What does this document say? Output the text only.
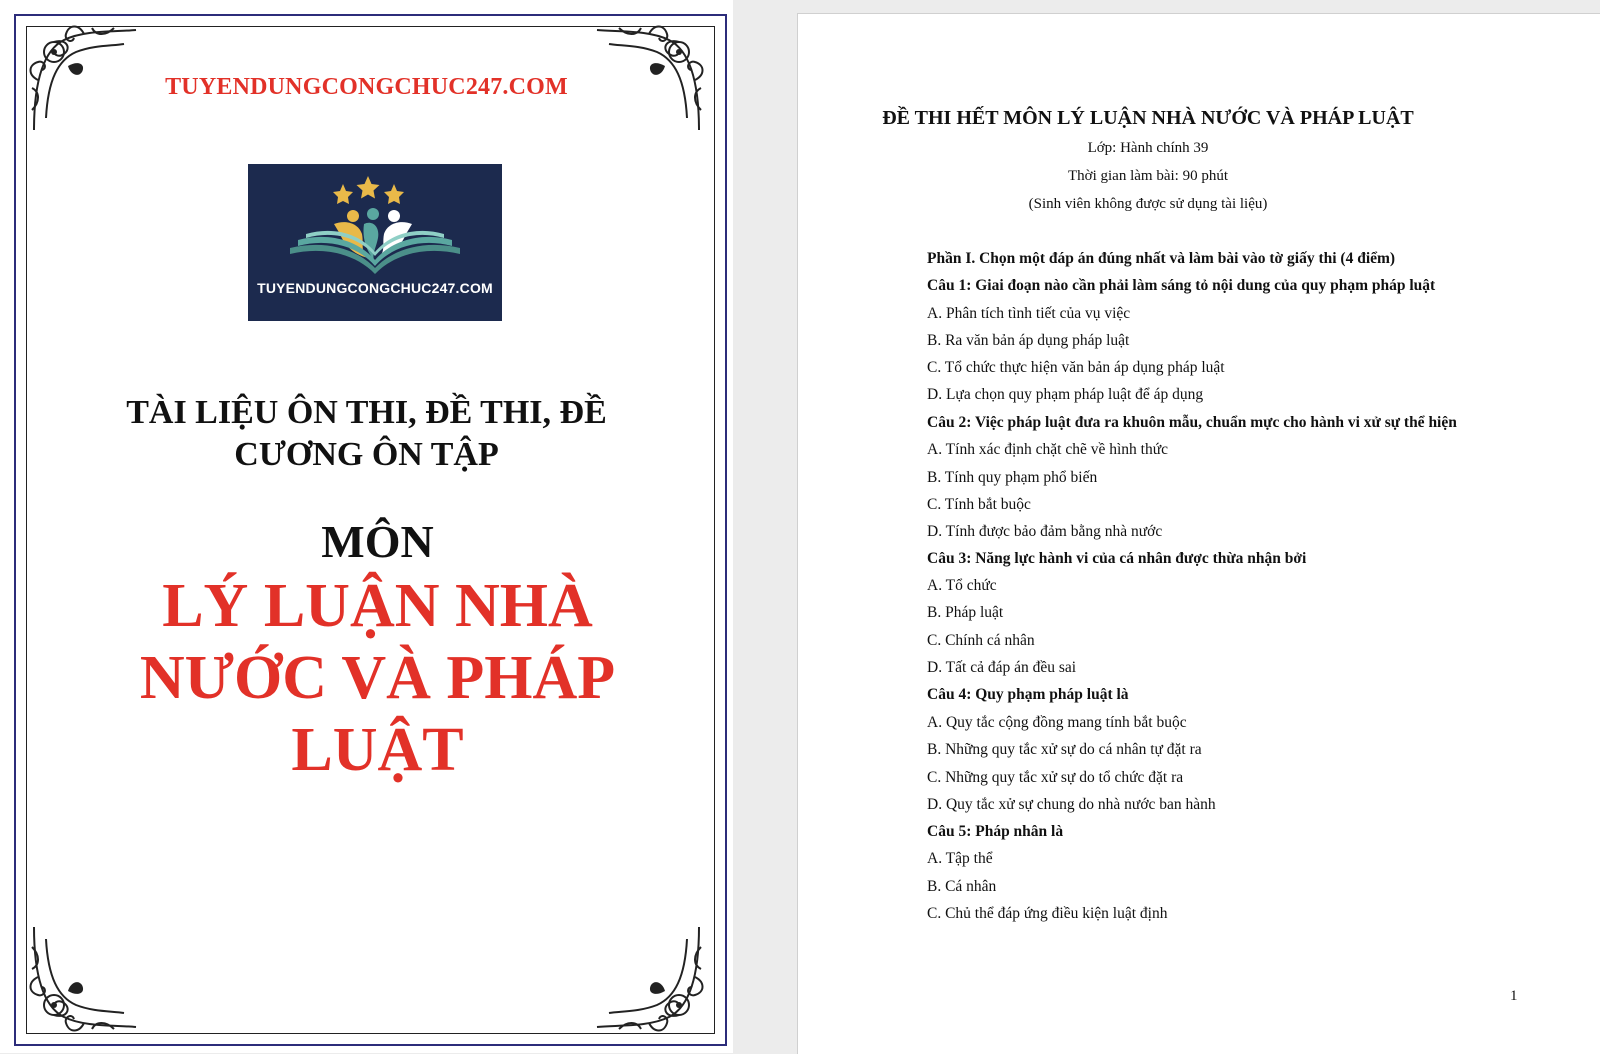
TUYENDUNGCONGCHUC247.COM
TUYENDUNGCONGCHUC247.COM
TÀI LIỆU ÔN THI, ĐỀ THI, ĐỀ
CƯƠNG ÔN TẬP
MÔN
LÝ LUẬN NHÀ
NƯỚC VÀ PHÁP
LUẬT
ĐỀ THI HẾT MÔN LÝ LUẬN NHÀ NƯỚC VÀ PHÁP LUẬT
Lớp: Hành chính 39
Thời gian làm bài: 90 phút
(Sinh viên không được sử dụng tài liệu)
Phần I. Chọn một đáp án đúng nhất và làm bài vào tờ giấy thi (4 điểm)
Câu 1: Giai đoạn nào cần phải làm sáng tỏ nội dung của quy phạm pháp luật
A. Phân tích tình tiết của vụ việc
B. Ra văn bản áp dụng pháp luật
C. Tổ chức thực hiện văn bản áp dụng pháp luật
D. Lựa chọn quy phạm pháp luật để áp dụng
Câu 2: Việc pháp luật đưa ra khuôn mẫu, chuẩn mực cho hành vi xử sự thể hiện
A. Tính xác định chặt chẽ về hình thức
B. Tính quy phạm phổ biến
C. Tính bắt buộc
D. Tính được bảo đảm bằng nhà nước
Câu 3: Năng lực hành vi của cá nhân được thừa nhận bởi
A. Tổ chức
B. Pháp luật
C. Chính cá nhân
D. Tất cả đáp án đều sai
Câu 4: Quy phạm pháp luật là
A. Quy tắc cộng đồng mang tính bắt buộc
B. Những quy tắc xử sự do cá nhân tự đặt ra
C. Những quy tắc xử sự do tổ chức đặt ra
D. Quy tắc xử sự chung do nhà nước ban hành
Câu 5: Pháp nhân là
A. Tập thể
B. Cá nhân
C. Chủ thể đáp ứng điều kiện luật định
1
